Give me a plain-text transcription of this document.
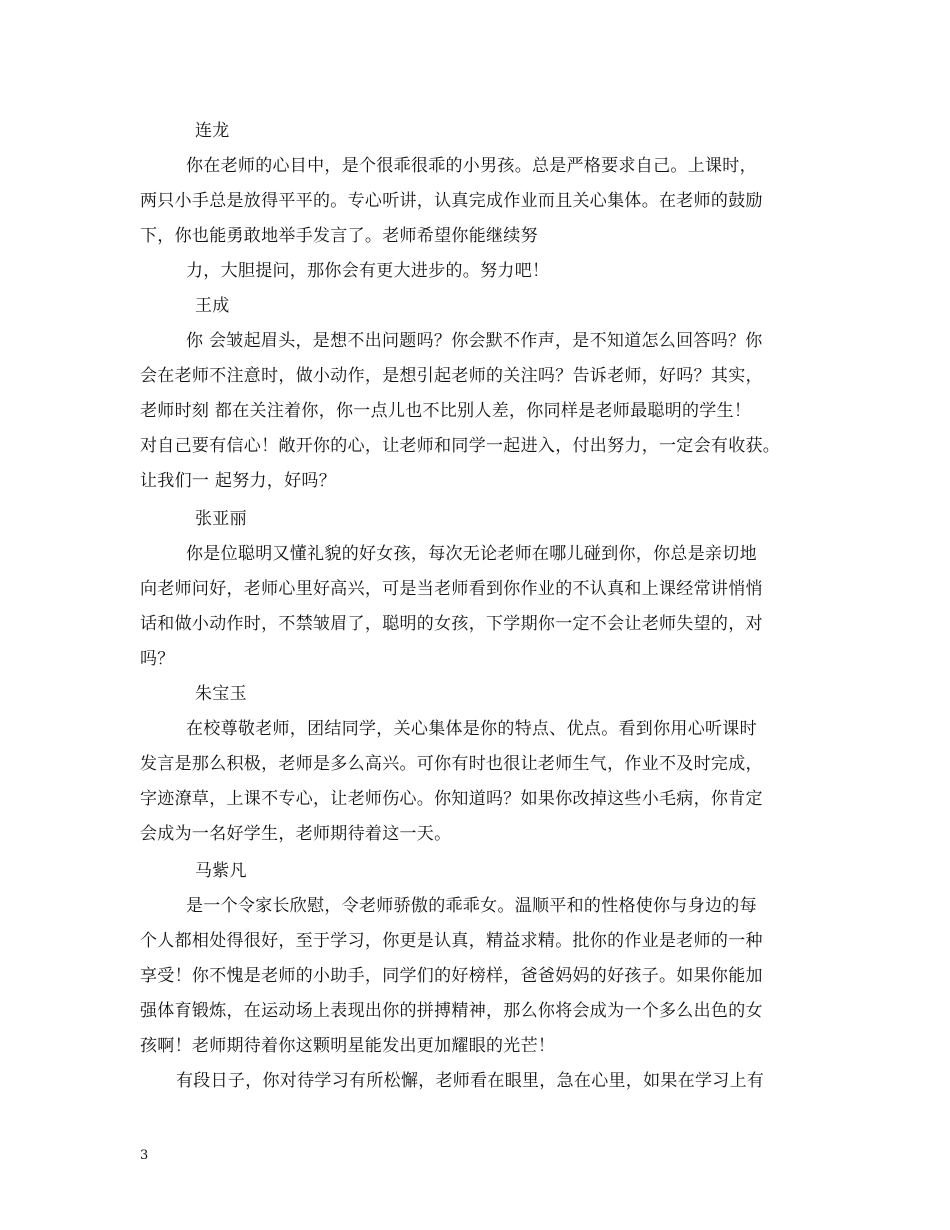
连龙
你在老师的心目中，是个很乖很乖的小男孩。总是严格要求自己。上课时，
两只小手总是放得平平的。专心听讲，认真完成作业而且关心集体。在老师的鼓励
下，你也能勇敢地举手发言了。老师希望你能继续努
力，大胆提问，那你会有更大进步的。努力吧！
王成
你 会皱起眉头，是想不出问题吗？你会默不作声，是不知道怎么回答吗？你
会在老师不注意时，做小动作，是想引起老师的关注吗？告诉老师，好吗？其实，
老师时刻 都在关注着你，你一点儿也不比别人差，你同样是老师最聪明的学生！
对自己要有信心！敞开你的心，让老师和同学一起进入，付出努力，一定会有收获。
让我们一 起努力，好吗？
张亚丽
你是位聪明又懂礼貌的好女孩，每次无论老师在哪儿碰到你，你总是亲切地
向老师问好，老师心里好高兴，可是当老师看到你作业的不认真和上课经常讲悄悄
话和做小动作时，不禁皱眉了，聪明的女孩，下学期你一定不会让老师失望的，对
吗？
朱宝玉
在校尊敬老师，团结同学，关心集体是你的特点、优点。看到你用心听课时
发言是那么积极，老师是多么高兴。可你有时也很让老师生气，作业不及时完成，
字迹潦草，上课不专心，让老师伤心。你知道吗？如果你改掉这些小毛病，你肯定
会成为一名好学生，老师期待着这一天。
马紫凡
是一个令家长欣慰，令老师骄傲的乖乖女。温顺平和的性格使你与身边的每
个人都相处得很好，至于学习，你更是认真，精益求精。批你的作业是老师的一种
享受！你不愧是老师的小助手，同学们的好榜样，爸爸妈妈的好孩子。如果你能加
强体育锻炼，在运动场上表现出你的拼搏精神，那么你将会成为一个多么出色的女
孩啊！老师期待着你这颗明星能发出更加耀眼的光芒！
有段日子，你对待学习有所松懈，老师看在眼里，急在心里，如果在学习上有
3
